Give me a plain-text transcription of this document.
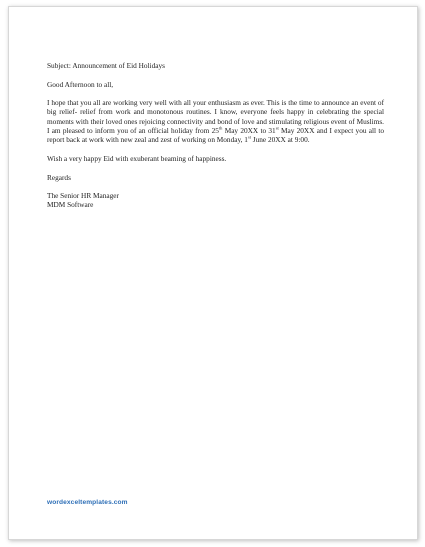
Subject: Announcement of Eid Holidays

Good Afternoon to all,

I hope that you all are working very well with all your enthusiasm as ever. This is the time to announce an event of big relief- relief from work and monotonous routines. I know, everyone feels happy in celebrating the special moments with their loved ones rejoicing connectivity and bond of love and stimulating religious event of Muslims. I am pleased to inform you of an official holiday from 25th May 20XX to 31st May 20XX and I expect you all to report back at work with new zeal and zest of working on Monday, 1st June 20XX at 9:00.

Wish a very happy Eid with exuberant beaming of happiness.

Regards

The Senior HR Manager

MDM Software

wordexceltemplates.com
